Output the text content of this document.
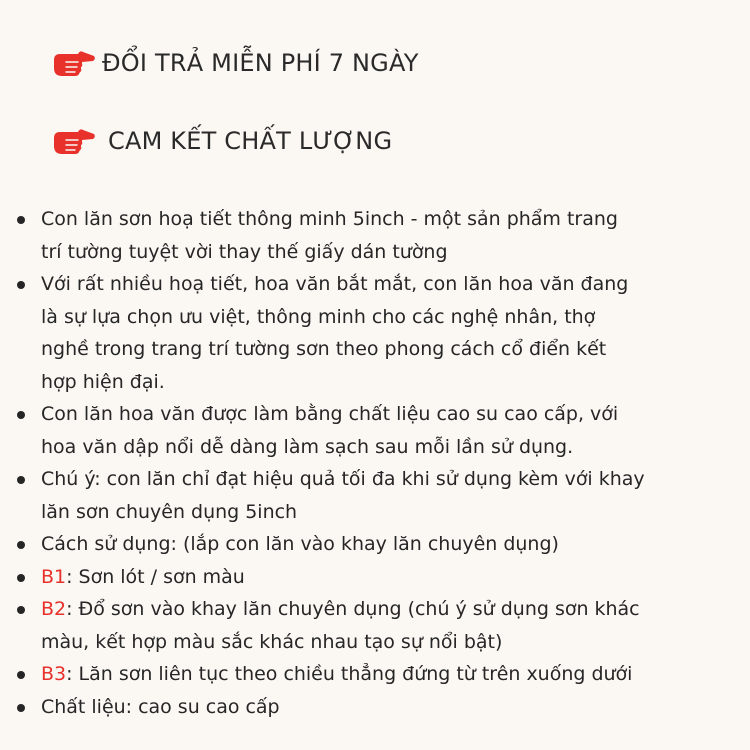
ĐỔI TRẢ MIỄN PHÍ 7 NGÀY
CAM KẾT CHẤT LƯỢNG
Con lăn sơn hoạ tiết thông minh 5inch - một sản phẩm trang
trí tường tuyệt vời thay thế giấy dán tường
Với rất nhiều hoạ tiết, hoa văn bắt mắt, con lăn hoa văn đang
là sự lựa chọn ưu việt, thông minh cho các nghệ nhân, thợ
nghề trong trang trí tường sơn theo phong cách cổ điển kết
hợp hiện đại.
Con lăn hoa văn được làm bằng chất liệu cao su cao cấp, với
hoa văn dập nổi dễ dàng làm sạch sau mỗi lần sử dụng.
Chú ý: con lăn chỉ đạt hiệu quả tối đa khi sử dụng kèm với khay
lăn sơn chuyên dụng 5inch
Cách sử dụng: (lắp con lăn vào khay lăn chuyên dụng)
B1: Sơn lót / sơn màu
B2: Đổ sơn vào khay lăn chuyên dụng (chú ý sử dụng sơn khác
màu, kết hợp màu sắc khác nhau tạo sự nổi bật)
B3: Lăn sơn liên tục theo chiều thẳng đứng từ trên xuống dưới
Chất liệu: cao su cao cấp
